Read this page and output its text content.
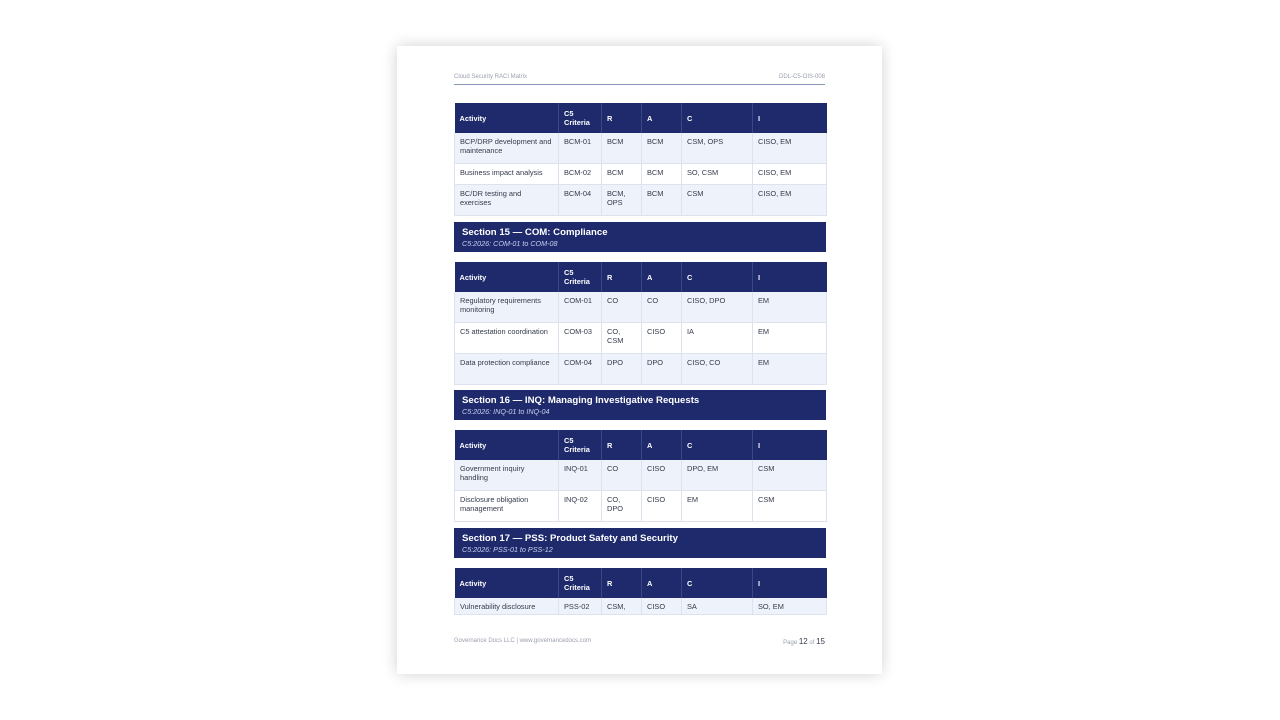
Cloud Security RACI Matrix	DDL-C5-OIS-008
Activity	C5 Criteria	R	A	C	I
BCP/DRP development and maintenance	BCM-01	BCM	BCM	CSM, OPS	CISO, EM
Business impact analysis	BCM-02	BCM	BCM	SO, CSM	CISO, EM
BC/DR testing and exercises	BCM-04	BCM, OPS	BCM	CSM	CISO, EM
Section 15 — COM: Compliance
C5:2026: COM-01 to COM-08
Activity	C5 Criteria	R	A	C	I
Regulatory requirements monitoring	COM-01	CO	CO	CISO, DPO	EM
C5 attestation coordination	COM-03	CO, CSM	CISO	IA	EM
Data protection compliance	COM-04	DPO	DPO	CISO, CO	EM
Section 16 — INQ: Managing Investigative Requests
C5:2026: INQ-01 to INQ-04
Activity	C5 Criteria	R	A	C	I
Government inquiry handling	INQ-01	CO	CISO	DPO, EM	CSM
Disclosure obligation management	INQ-02	CO, DPO	CISO	EM	CSM
Section 17 — PSS: Product Safety and Security
C5:2026: PSS-01 to PSS-12
Activity	C5 Criteria	R	A	C	I
Vulnerability disclosure	PSS-02	CSM,	CISO	SA	SO, EM
Governance Docs LLC | www.governancedocs.com	Page 12 of 15
